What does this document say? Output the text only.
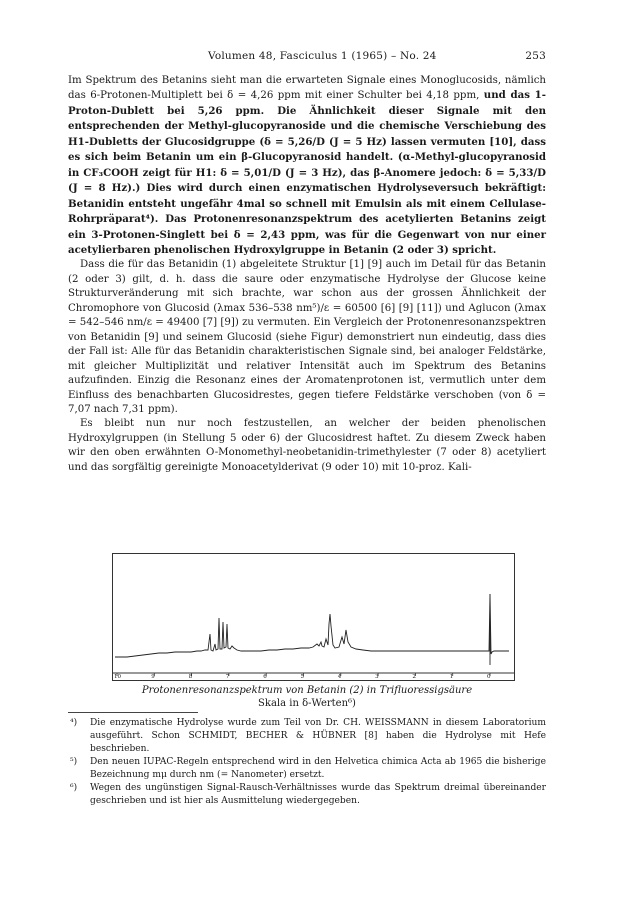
Volumen 48, Fasciculus 1 (1965) – No. 24	253

Im Spektrum des Betanins sieht man die erwarteten Signale eines Monoglucosids, nämlich das 6-Protonen-Multiplett bei δ = 4,26 ppm mit einer Schulter bei 4,18 ppm, und das 1-Proton-Dublett bei 5,26 ppm. Die Ähnlichkeit dieser Signale mit den entsprechenden der Methyl-glucopyranoside und die chemische Verschiebung des H1-Dubletts der Glucosidgruppe (δ = 5,26/D (J = 5 Hz) lassen vermuten [10], dass es sich beim Betanin um ein β-Glucopyranosid handelt. (α-Methyl-glucopyranosid in CF₃COOH zeigt für H1: δ = 5,01/D (J = 3 Hz), das β-Anomere jedoch: δ = 5,33/D (J = 8 Hz).) Dies wird durch einen enzymatischen Hydrolyseversuch bekräftigt: Betanidin entsteht ungefähr 4mal so schnell mit Emulsin als mit einem Cellulase-Rohrpräparat⁴). Das Protonenresonanzspektrum des acetylierten Betanins zeigt ein 3-Protonen-Singlett bei δ = 2,43 ppm, was für die Gegenwart von nur einer acetylierbaren phenolischen Hydroxylgruppe in Betanin (2 oder 3) spricht.

Dass die für das Betanidin (1) abgeleitete Struktur [1] [9] auch im Detail für das Betanin (2 oder 3) gilt, d. h. dass die saure oder enzymatische Hydrolyse der Glucose keine Strukturveränderung mit sich brachte, war schon aus der grossen Ähnlichkeit der Chromophore von Glucosid (λmax 536–538 nm⁵)/ε = 60500 [6] [9] [11]) und Aglucon (λmax = 542–546 nm/ε = 49400 [7] [9]) zu vermuten. Ein Vergleich der Protonenresonanzspektren von Betanidin [9] und seinem Glucosid (siehe Figur) demonstriert nun eindeutig, dass dies der Fall ist: Alle für das Betanidin charakteristischen Signale sind, bei analoger Feldstärke, mit gleicher Multiplizität und relativer Intensität auch im Spektrum des Betanins aufzufinden. Einzig die Resonanz eines der Aromatenprotonen ist, vermutlich unter dem Einfluss des benachbarten Glucosidrestes, gegen tiefere Feldstärke verschoben (von δ = 7,07 nach 7,31 ppm).

Es bleibt nun nur noch festzustellen, an welcher der beiden phenolischen Hydroxylgruppen (in Stellung 5 oder 6) der Glucosidrest haftet. Zu diesem Zweck haben wir den oben erwähnten O-Monomethyl-neobetanidin-trimethylester (7 oder 8) acetyliert und das sorgfältig gereinigte Monoacetylderivat (9 oder 10) mit 10-proz. Kali-

10	9	8	7	6	5	4	3	2	1	0
Protonenresonanzspektrum von Betanin (2) in Trifluoressigsäure
Skala in δ-Werten⁶)
⁴) Die enzymatische Hydrolyse wurde zum Teil von Dr. CH. WEISSMANN in diesem Laboratorium ausgeführt. Schon SCHMIDT, BECHER & HÜBNER [8] haben die Hydrolyse mit Hefe beschrieben.
⁵) Den neuen IUPAC-Regeln entsprechend wird in den Helvetica chimica Acta ab 1965 die bisherige Bezeichnung mμ durch nm (= Nanometer) ersetzt.
⁶) Wegen des ungünstigen Signal-Rausch-Verhältnisses wurde das Spektrum dreimal übereinander geschrieben und ist hier als Ausmittelung wiedergegeben.
